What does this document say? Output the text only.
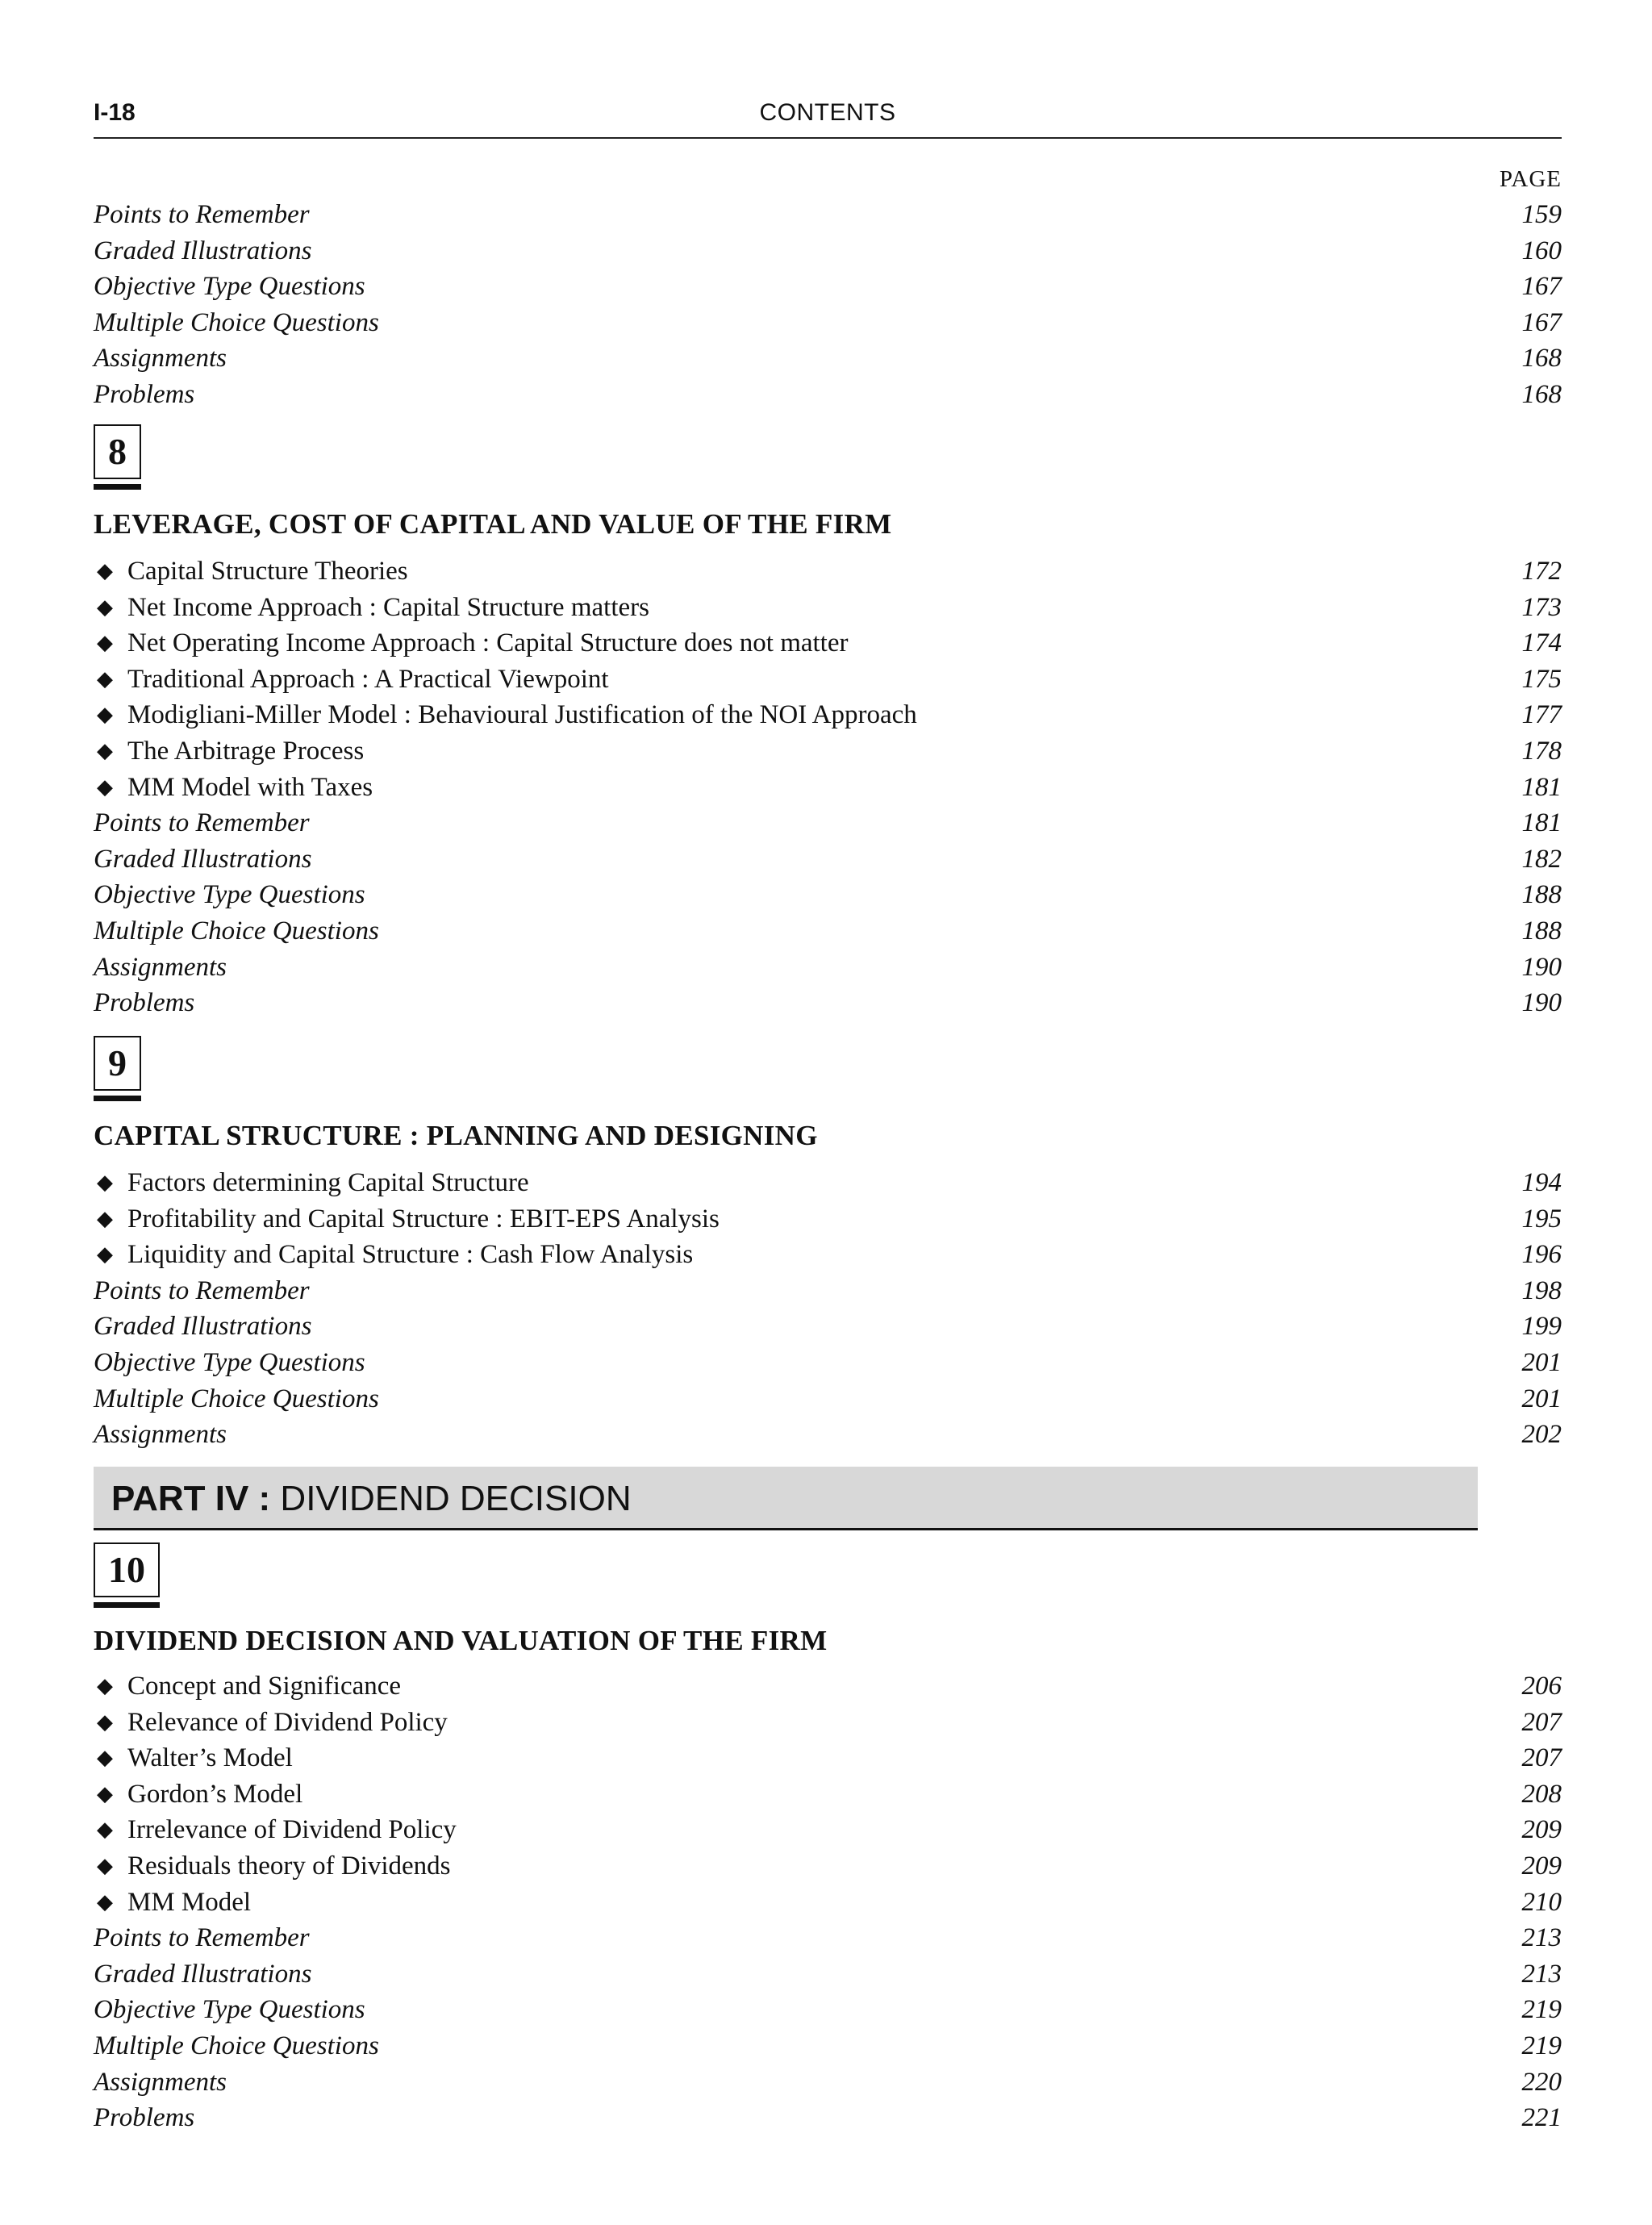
I-18	CONTENTS
PAGE
Points to Remember	159
Graded Illustrations	160
Objective Type Questions	167
Multiple Choice Questions	167
Assignments	168
Problems	168
8
LEVERAGE, COST OF CAPITAL AND VALUE OF THE FIRM
◆ Capital Structure Theories	172
◆ Net Income Approach : Capital Structure matters	173
◆ Net Operating Income Approach : Capital Structure does not matter	174
◆ Traditional Approach : A Practical Viewpoint	175
◆ Modigliani-Miller Model : Behavioural Justification of the NOI Approach	177
◆ The Arbitrage Process	178
◆ MM Model with Taxes	181
Points to Remember	181
Graded Illustrations	182
Objective Type Questions	188
Multiple Choice Questions	188
Assignments	190
Problems	190
9
CAPITAL STRUCTURE : PLANNING AND DESIGNING
◆ Factors determining Capital Structure	194
◆ Profitability and Capital Structure : EBIT-EPS Analysis	195
◆ Liquidity and Capital Structure : Cash Flow Analysis	196
Points to Remember	198
Graded Illustrations	199
Objective Type Questions	201
Multiple Choice Questions	201
Assignments	202
PART IV : DIVIDEND DECISION
10
DIVIDEND DECISION AND VALUATION OF THE FIRM
◆ Concept and Significance	206
◆ Relevance of Dividend Policy	207
◆ Walter’s Model	207
◆ Gordon’s Model	208
◆ Irrelevance of Dividend Policy	209
◆ Residuals theory of Dividends	209
◆ MM Model	210
Points to Remember	213
Graded Illustrations	213
Objective Type Questions	219
Multiple Choice Questions	219
Assignments	220
Problems	221
